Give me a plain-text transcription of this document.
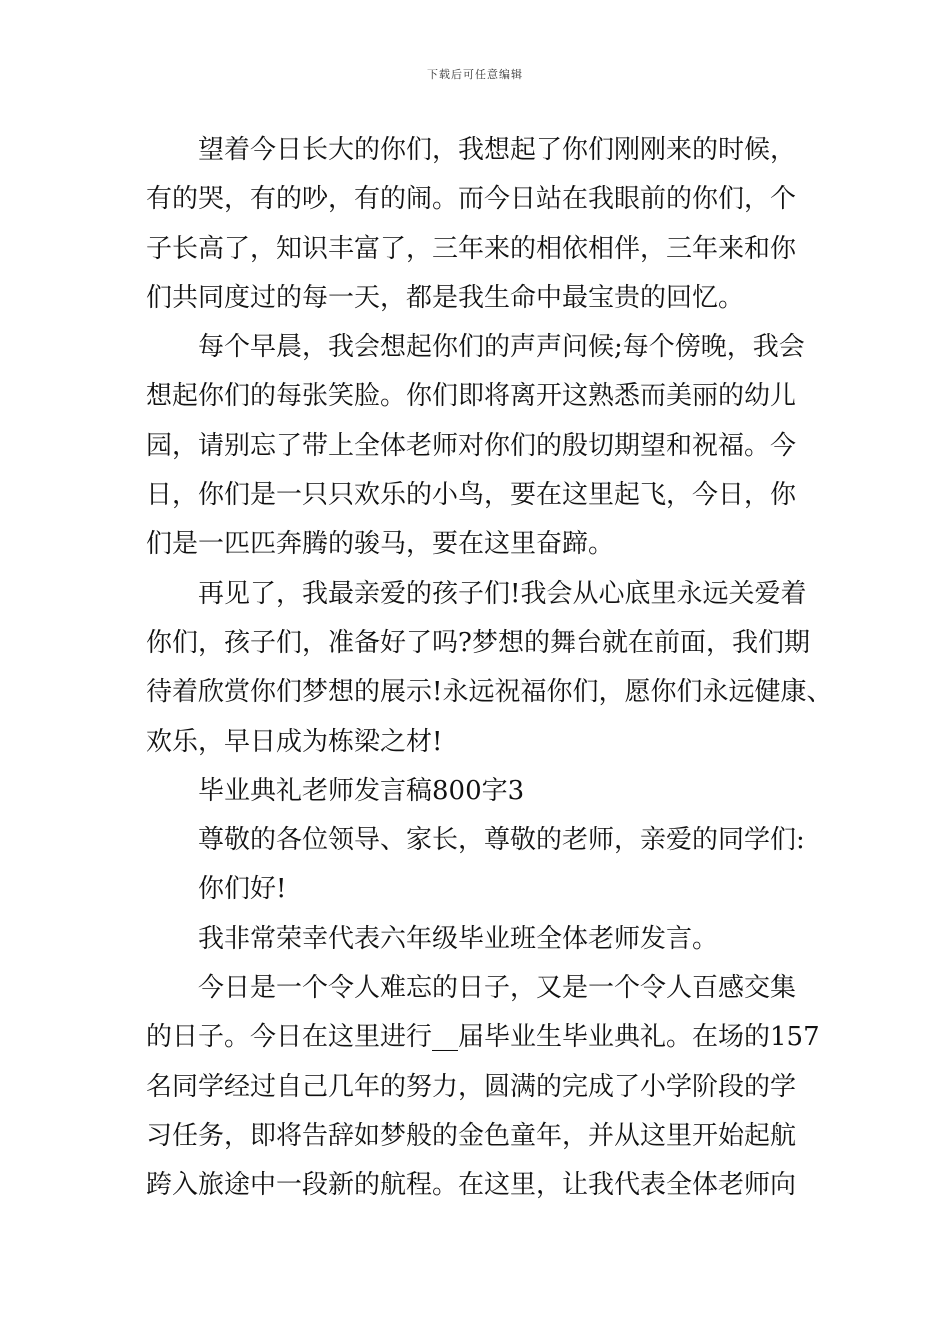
下载后可任意编辑
望着今日长大的你们，我想起了你们刚刚来的时候，
有的哭，有的吵，有的闹。而今日站在我眼前的你们，个
子长高了，知识丰富了，三年来的相依相伴，三年来和你
们共同度过的每一天，都是我生命中最宝贵的回忆。
每个早晨，我会想起你们的声声问候;每个傍晚，我会
想起你们的每张笑脸。你们即将离开这熟悉而美丽的幼儿
园，请别忘了带上全体老师对你们的殷切期望和祝福。今
日，你们是一只只欢乐的小鸟，要在这里起飞，今日，你
们是一匹匹奔腾的骏马，要在这里奋蹄。
再见了，我最亲爱的孩子们!我会从心底里永远关爱着
你们，孩子们，准备好了吗?梦想的舞台就在前面，我们期
待着欣赏你们梦想的展示!永远祝福你们，愿你们永远健康、
欢乐，早日成为栋梁之材!
毕业典礼老师发言稿800字3
尊敬的各位领导、家长，尊敬的老师，亲爱的同学们:
你们好!
我非常荣幸代表六年级毕业班全体老师发言。
今日是一个令人难忘的日子，又是一个令人百感交集
的日子。今日在这里进行__届毕业生毕业典礼。在场的157
名同学经过自己几年的努力，圆满的完成了小学阶段的学
习任务，即将告辞如梦般的金色童年，并从这里开始起航
跨入旅途中一段新的航程。在这里，让我代表全体老师向
